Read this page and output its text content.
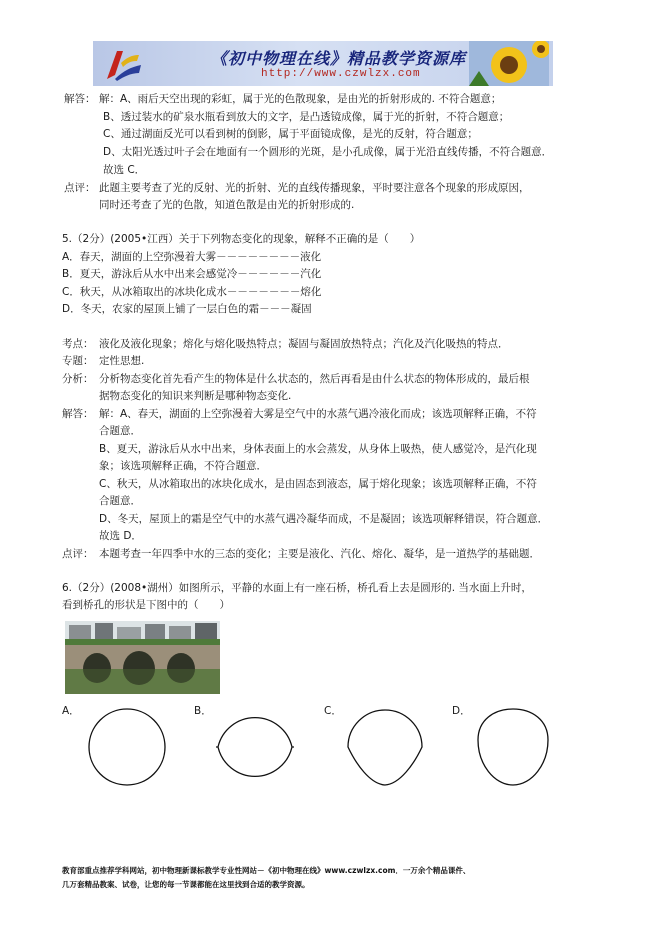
《初中物理在线》精品教学资源库
http://www.czwlzx.com
解答： 解：A、雨后天空出现的彩虹，属于光的色散现象，是由光的折射形成的. 不符合题意；
B、透过装水的矿泉水瓶看到放大的文字，是凸透镜成像，属于光的折射，不符合题意；
C、通过湖面反光可以看到树的倒影，属于平面镜成像，是光的反射，符合题意；
D、太阳光透过叶子会在地面有一个圆形的光斑，是小孔成像，属于光沿直线传播，不符合题意．
故选 C．
点评： 此题主要考查了光的反射、光的折射、光的直线传播现象，平时要注意各个现象的形成原因，
同时还考查了光的色散，知道色散是由光的折射形成的.
5.（2分）(2005•江西）关于下列物态变化的现象，解释不正确的是（　　）
A．春天，湖面的上空弥漫着大雾－－－－－－－－液化
B．夏天，游泳后从水中出来会感觉冷－－－－－－汽化
C．秋天，从冰箱取出的冰块化成水－－－－－－－熔化
D．冬天，农家的屋顶上铺了一层白色的霜－－－凝固
考点： 液化及液化现象；熔化与熔化吸热特点；凝固与凝固放热特点；汽化及汽化吸热的特点．
专题： 定性思想.
分析： 分析物态变化首先看产生的物体是什么状态的，然后再看是由什么状态的物体形成的，最后根
据物态变化的知识来判断是哪种物态变化.
解答： 解：A、春天，湖面的上空弥漫着大雾是空气中的水蒸气遇冷液化而成；该选项解释正确，不符
合题意．
B、夏天，游泳后从水中出来，身体表面上的水会蒸发，从身体上吸热，使人感觉冷，是汽化现
象；该选项解释正确，不符合题意．
C、秋天，从冰箱取出的冰块化成水，是由固态到液态，属于熔化现象；该选项解释正确，不符
合题意．
D、冬天，屋顶上的霜是空气中的水蒸气遇冷凝华而成，不是凝固；该选项解释错误，符合题意．
故选 D．
点评： 本题考查一年四季中水的三态的变化；主要是液化、汽化、熔化、凝华，是一道热学的基础题．
6.（2分）(2008•湖州）如图所示，平静的水面上有一座石桥，桥孔看上去是圆形的. 当水面上升时，
看到桥孔的形状是下图中的（　　）
A．	B．	C．	D．
教育部重点推荐学科网站，初中物理新课标教学专业性网站－《初中物理在线》www.czwlzx.com．一万余个精品课件、
几万套精品教案、试卷，让您的每一节课都能在这里找到合适的教学资源。
